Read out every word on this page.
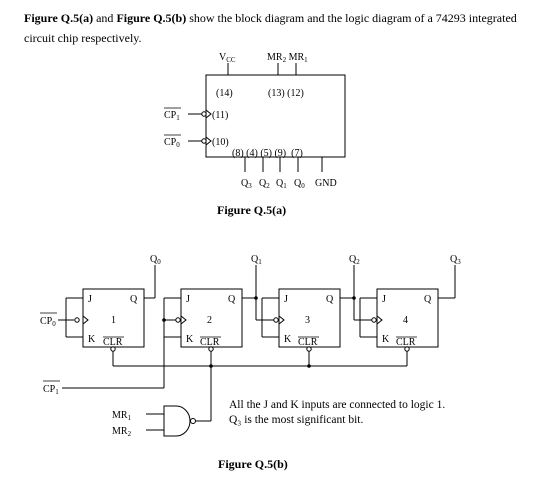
Figure Q.5(a) and Figure Q.5(b) show the block diagram and the logic diagram of a 74293 integrated circuit chip respectively.
$V_{CC}$	$MR_2$ $MR_1$
(14)	(13) (12)
$CP_1$
$CP_0$
(11)
(10)
(8) (4) (5) (9)  (7)
$Q_3$ $Q_2$ $Q_1$ $Q_0$ GND
Figure Q.5(a)
$Q_0$	$Q_1$	$Q_2$	$Q_3$
J	Q
1
K CLR
J	Q
2
K CLR
J	Q
3
K CLR
J	Q
4
K CLR
$CP_0$
$CP_1$
$MR_1$
$MR_2$
All the J and K inputs are connected to logic 1.
Q₃ is the most significant bit.
Figure Q.5(b)
